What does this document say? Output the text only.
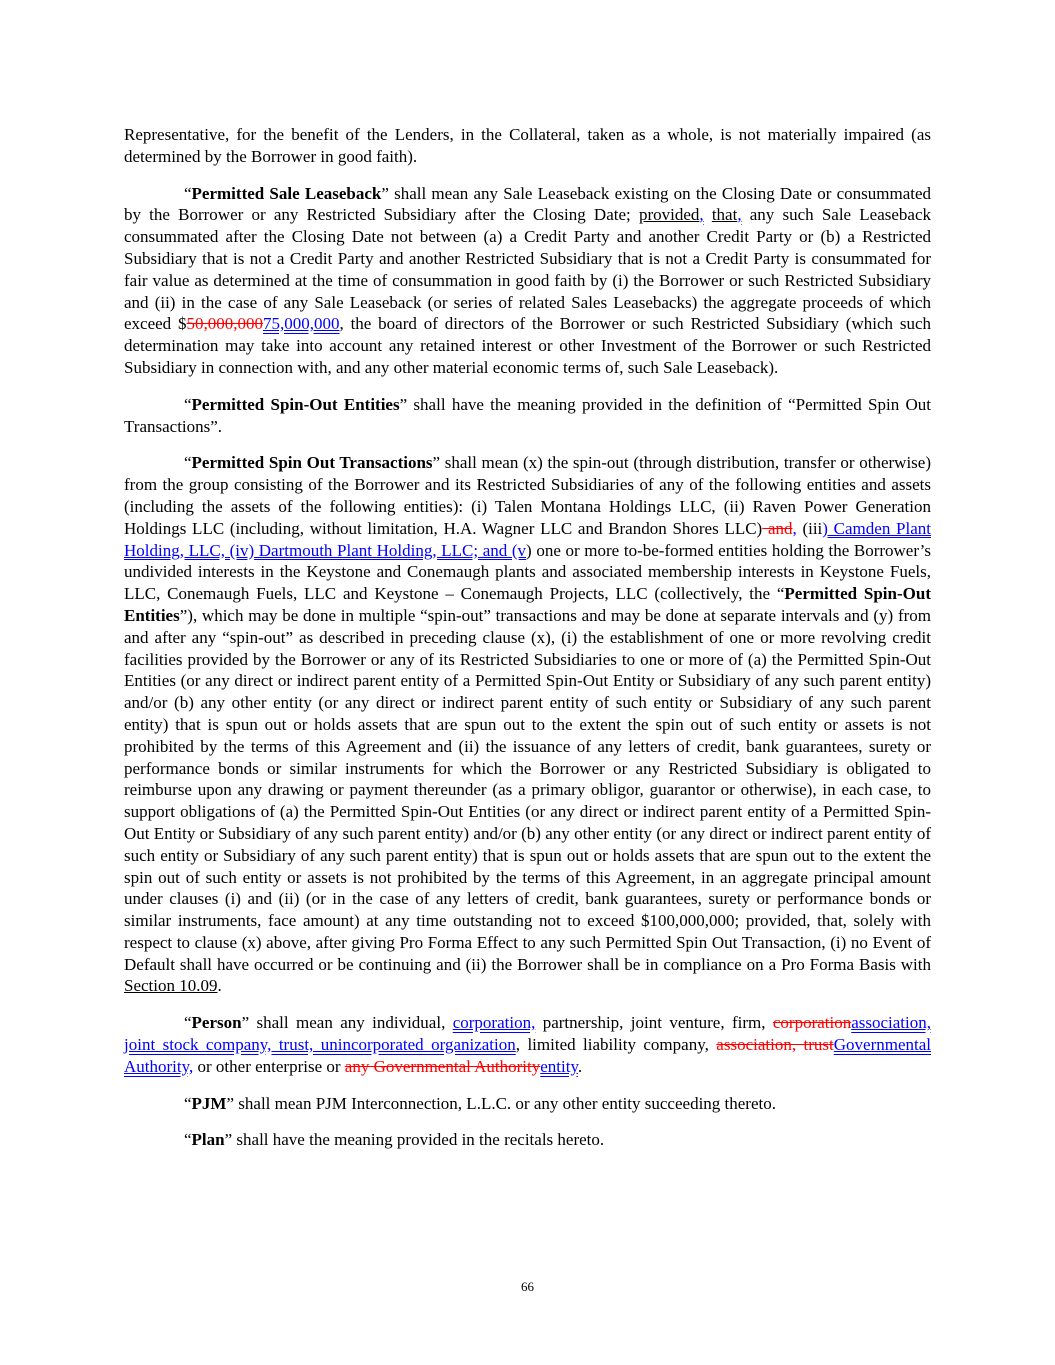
Representative, for the benefit of the Lenders, in the Collateral, taken as a whole, is not materially impaired (as determined by the Borrower in good faith).

“Permitted Sale Leaseback” shall mean any Sale Leaseback existing on the Closing Date or consummated by the Borrower or any Restricted Subsidiary after the Closing Date; provided, that, any such Sale Leaseback consummated after the Closing Date not between (a) a Credit Party and another Credit Party or (b) a Restricted Subsidiary that is not a Credit Party and another Restricted Subsidiary that is not a Credit Party is consummated for fair value as determined at the time of consummation in good faith by (i) the Borrower or such Restricted Subsidiary and (ii) in the case of any Sale Leaseback (or series of related Sales Leasebacks) the aggregate proceeds of which exceed $50,000,00075,000,000, the board of directors of the Borrower or such Restricted Subsidiary (which such determination may take into account any retained interest or other Investment of the Borrower or such Restricted Subsidiary in connection with, and any other material economic terms of, such Sale Leaseback).

“Permitted Spin-Out Entities” shall have the meaning provided in the definition of “Permitted Spin Out Transactions”.

“Permitted Spin Out Transactions” shall mean (x) the spin-out (through distribution, transfer or otherwise) from the group consisting of the Borrower and its Restricted Subsidiaries of any of the following entities and assets (including the assets of the following entities): (i) Talen Montana Holdings LLC, (ii) Raven Power Generation Holdings LLC (including, without limitation, H.A. Wagner LLC and Brandon Shores LLC) and, (iii) Camden Plant Holding, LLC, (iv) Dartmouth Plant Holding, LLC; and (v) one or more to-be-formed entities holding the Borrower’s undivided interests in the Keystone and Conemaugh plants and associated membership interests in Keystone Fuels, LLC, Conemaugh Fuels, LLC and Keystone – Conemaugh Projects, LLC (collectively, the “Permitted Spin-Out Entities”), which may be done in multiple “spin-out” transactions and may be done at separate intervals and (y) from and after any “spin-out” as described in preceding clause (x), (i) the establishment of one or more revolving credit facilities provided by the Borrower or any of its Restricted Subsidiaries to one or more of (a) the Permitted Spin-Out Entities (or any direct or indirect parent entity of a Permitted Spin-Out Entity or Subsidiary of any such parent entity) and/or (b) any other entity (or any direct or indirect parent entity of such entity or Subsidiary of any such parent entity) that is spun out or holds assets that are spun out to the extent the spin out of such entity or assets is not prohibited by the terms of this Agreement and (ii) the issuance of any letters of credit, bank guarantees, surety or performance bonds or similar instruments for which the Borrower or any Restricted Subsidiary is obligated to reimburse upon any drawing or payment thereunder (as a primary obligor, guarantor or otherwise), in each case, to support obligations of (a) the Permitted Spin-Out Entities (or any direct or indirect parent entity of a Permitted Spin-Out Entity or Subsidiary of any such parent entity) and/or (b) any other entity (or any direct or indirect parent entity of such entity or Subsidiary of any such parent entity) that is spun out or holds assets that are spun out to the extent the spin out of such entity or assets is not prohibited by the terms of this Agreement, in an aggregate principal amount under clauses (i) and (ii) (or in the case of any letters of credit, bank guarantees, surety or performance bonds or similar instruments, face amount) at any time outstanding not to exceed $100,000,000; provided, that, solely with respect to clause (x) above, after giving Pro Forma Effect to any such Permitted Spin Out Transaction, (i) no Event of Default shall have occurred or be continuing and (ii) the Borrower shall be in compliance on a Pro Forma Basis with Section 10.09.

“Person” shall mean any individual, corporation, partnership, joint venture, firm, corporationassociation, joint stock company, trust, unincorporated organization, limited liability company, association, trustGovernmental Authority, or other enterprise or any Governmental Authorityentity.

“PJM” shall mean PJM Interconnection, L.L.C. or any other entity succeeding thereto.

“Plan” shall have the meaning provided in the recitals hereto.

66
